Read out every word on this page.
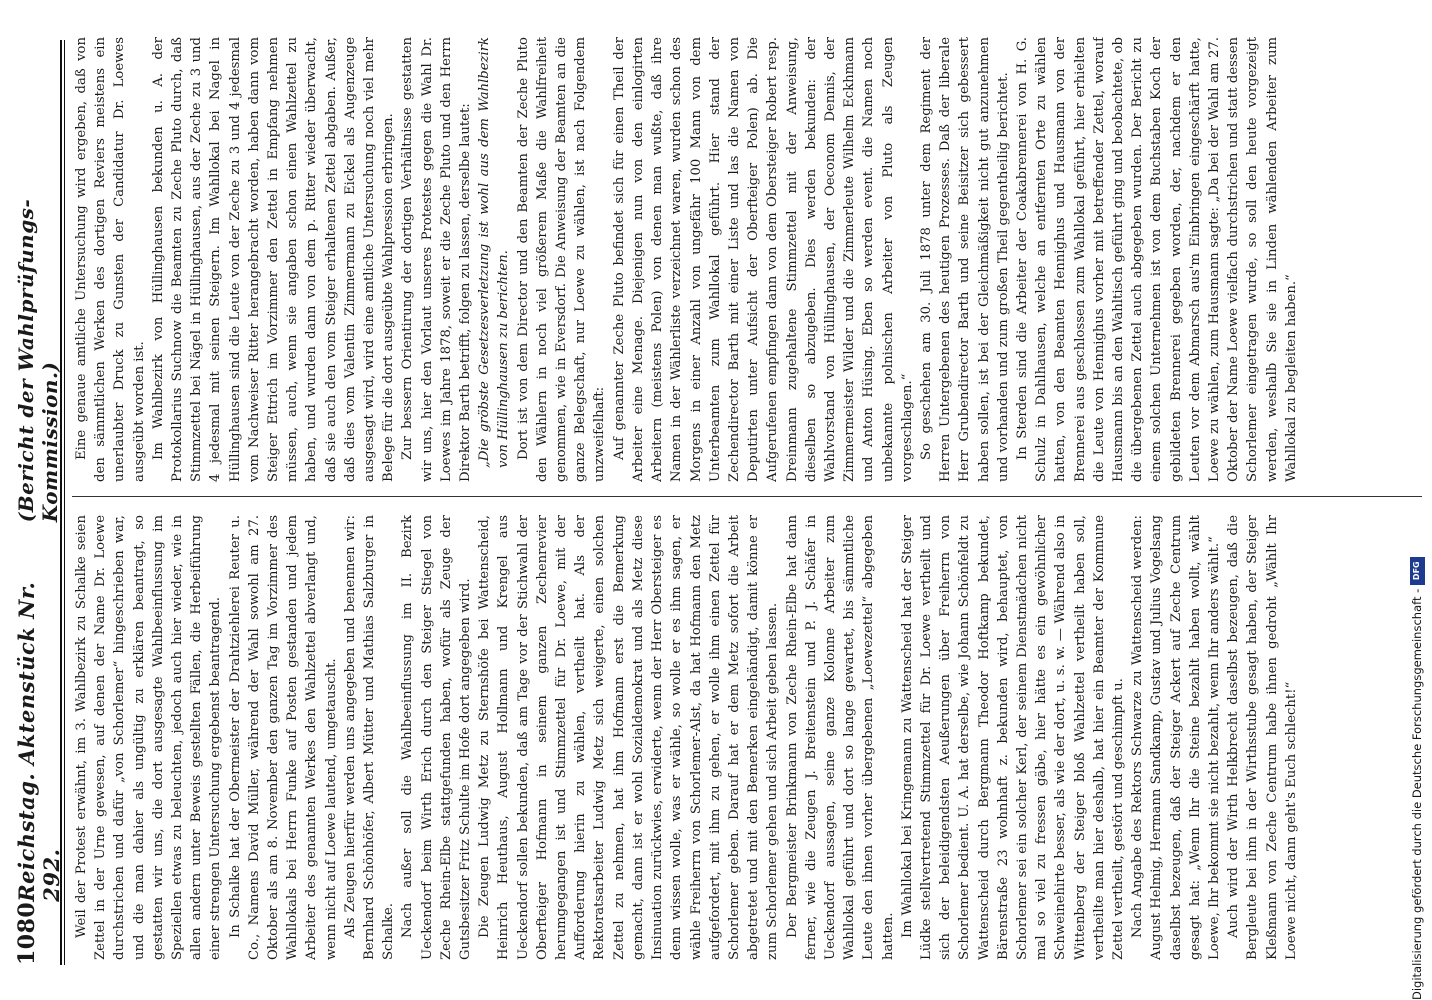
1080
Reichstag. Aktenstück Nr. 292.
(Bericht der Wahlprüfungs-Kommission.)

Weil der Protest erwähnt, im 3. Wahlbezirk zu Schalke seien Zettel in der Urne gewesen, auf denen der Name Dr. Loewe durchstrichen und dafür „von Schorlemer“ hingeschrieben war, und die man dahier als ungültig zu erklären beantragt, so gestatten wir uns, die dort ausgesagte Wahlbeeinflussung im Speziellen etwas zu beleuchten, jedoch auch hier wieder, wie in allen andern unter Beweis gestellten Fällen, die Herbeiführung einer strengen Untersuchung ergebenst beantragend. In Schalke hat der Obermeister der Drahtziehlerei Reuter u. Co., Namens David Müller, während der Wahl sowohl am 27. Oktober als am 8. November den ganzen Tag im Vorzimmer des Wahllokals bei Herrn Funke auf Posten gestanden und jedem Arbeiter des genannten Werkes den Wahlzettel abverlangt und, wenn nicht auf Loewe lautend, umgetauscht. Als Zeugen hierfür werden uns angegeben und benennen wir: Bernhard Schönhöfer, Albert Mütter und Mathias Salzburger in Schalke. Nach außer soll die Wahlbeeinflussung im II. Bezirk Ueckendorf beim Wirth Erich durch den Steiger Stiegel von Zeche Rhein-Elbe stattgefunden haben, wofür als Zeuge der Gutsbesitzer Fritz Schulte im Hofe dort angegeben wird. Die Zeugen Ludwig Metz zu Sternshöfe bei Wattenscheid, Heinrich Heuthaus, August Hollmann und Krengel aus Ueckendorf sollen bekunden, daß am Tage vor der Stichwahl der Oberfteiger Hofmann in seinem ganzen Zechenrevier herumgegangen ist und Stimmzettel für Dr. Loewe, mit der Aufforderung hierin zu wählen, vertheilt hat. Als der Rektoratsarbeiter Ludwig Metz sich weigerte, einen solchen Zettel zu nehmen, hat ihm Hofmann erst die Bemerkung gemacht, dann ist er wohl Sozialdemokrat und als Metz diese Insinuation zurückwies, erwiderte, wenn der Herr Obersteiger es denn wissen wolle, was er wähle, so wolle er es ihm sagen, er wähle Freiherrn von Schorlemer-Alst, da hat Hofmann den Metz aufgefordert, mit ihm zu gehen, er wolle ihm einen Zettel für Schorlemer geben. Darauf hat er dem Metz sofort die Arbeit abgetretet und mit den Bemerken eingehändigt, damit könne er zum Schorlemer gehen und sich Arbeit geben lassen. Der Bergmeister Brinkmann von Zeche Rhein-Elbe hat dann ferner, wie die Zeugen J. Breitenstein und P. J. Schäfer in Ueckendorf aussagen, seine ganze Kolonne Arbeiter zum Wahllokal geführt und dort so lange gewartet, bis sämmtliche Leute den ihnen vorher übergebenen „Loewezettel“ abgegeben hatten. Im Wahllokal bei Kringemann zu Wattenscheid hat der Steiger Lüdke stellvertretend Stimmzettel für Dr. Loewe vertheilt und sich der beleidigendsten Aeußerungen über Freiherrn von Schorlemer bedient. U. A. hat derselbe, wie Johann Schönfeldt zu Wattenscheid durch Bergmann Theodor Hoftkamp bekundet, Bärenstraße 23 wohnhaft z. bekunden wird, behauptet, von Schorlemer sei ein solcher Kerl, der seinem Dienstmädchen nicht mal so viel zu fressen gäbe, hier hätte es ein gewöhnlicher Schweinehirte besser, als wie der dort, u. s. w. — Während also in Wittenberg der Steiger bloß Wahlzettel vertheilt haben soll, vertheilte man hier deshalb, hat hier ein Beamter der Kommune Zettel vertheilt, gestört und geschimpft u. Nach Angabe des Rektors Schwarze zu Wattenscheid werden: August Helmig, Hermann Sandkamp, Gustav und Julius Vogelsang daselbst bezeugen, daß der Steiger Ackert auf Zeche Centrum gesagt hat: „Wenn Ihr die Steine bezahlt haben wollt, wählt Loewe, Ihr bekommt sie nicht bezahlt, wenn Ihr anders wählt.“ Auch wird der Wirth Helkbrecht daselbst bezeugen, daß die Bergleute bei ihm in der Wirthsstube gesagt haben, der Steiger Kleßmann von Zeche Centrum habe ihnen gedroht „Wählt Ihr Loewe nicht, dann geht's Euch schlecht!“

Eine genaue amtliche Untersuchung wird ergeben, daß von den sämmtlichen Werken des dortigen Reviers meistens ein unerlaubter Druck zu Gunsten der Candidatur Dr. Loewes ausgeübt worden ist. Im Wahlbezirk von Hüllinghausen bekunden u. A. der Protokollarius Suchnow die Beamten zu Zeche Pluto durch, daß Stimmzettel bei Nägel in Hüllinghausen, aus der Zeche zu 3 und 4 jedesmal mit seinen Steigern. Im Wahllokal bei Nagel in Hüllinghausen sind die Leute von der Zeche zu 3 und 4 jedesmal vom Nachweiser Ritter herangebracht worden, haben dann vom Steiger Ettrich im Vorzimmer den Zettel in Empfang nehmen müssen, auch, wenn sie angaben schon einen Wahlzettel zu haben, und wurden dann von dem p. Ritter wieder überwacht, daß sie auch den vom Steiger erhaltenen Zettel abgaben. Außer, daß dies vom Valentin Zimmermann zu Eickel als Augenzeuge ausgesagt wird, wird eine amtliche Untersuchung noch viel mehr Belege für die dort ausgeübte Wahlpression erbringen. Zur bessern Orientirung der dortigen Verhältnisse gestatten wir uns, hier den Vorlaut unseres Protestes gegen die Wahl Dr. Loewes im Jahre 1878, soweit er die Zeche Pluto und den Herrn Direktor Barth betrifft, folgen zu lassen, derselbe lautet: „Die gröbste Gesetzesverletzung ist wohl aus dem Wahlbezirk von Hüllinghausen zu berichten. Dort ist von dem Director und den Beamten der Zeche Pluto den Wählern in noch viel größerem Maße die Wahlfreiheit genommen, wie in Eversdorf. Die Anweisung der Beamten an die ganze Belegschaft, nur Loewe zu wählen, ist nach Folgendem unzweifelhaft: Auf genannter Zeche Pluto befindet sich für einen Theil der Arbeiter eine Menage. Diejenigen nun von den einlogirten Arbeitern (meistens Polen) von denen man wußte, daß ihre Namen in der Wählerliste verzeichnet waren, wurden schon des Morgens in einer Anzahl von ungefähr 100 Mann von dem Unterbeamten zum Wahllokal geführt. Hier stand der Zechendirector Barth mit einer Liste und las die Namen von Deputirten unter Aufsicht der Oberfteiger Polen) ab. Die Aufgerufenen empfingen dann von dem Obersteiger Robert resp. Dreinmann zugehaltene Stimmzettel mit der Anweisung, dieselben so abzugeben. Dies werden bekunden: der Wahlvorstand von Hüllinghausen, der Oeconom Dennis, der Zimmermeister Wilder und die Zimmerleute Wilhelm Eckhmann und Anton Hüsing. Eben so werden event. die Namen noch unbekannte polnischen Arbeiter von Pluto als Zeugen vorgeschlagen.“ So geschehen am 30. Juli 1878 unter dem Regiment der Herren Untergebenen des heutigen Prozesses. Daß der liberale Herr Grubendirector Barth und seine Beisitzer sich gebessert haben sollen, ist bei der Gleichmäßigkeit nicht gut anzunehmen und vorhanden und zum großen Theil gegentheilig berichtet. In Sterden sind die Arbeiter der Coakabrennerei von H. G. Schulz in Dahlhausen, welche an entfernten Orte zu wählen hatten, von den Beamten Hennighus und Hausmann von der Brennerei aus geschlossen zum Wahllokal geführt, hier erhielten die Leute von Hennighus vorher mit betreffender Zettel, worauf Hausmann bis an den Wahltisch geführt ging und beobachtete, ob die übergebenen Zettel auch abgegeben wurden. Der Bericht zu einem solchen Unternehmen ist von dem Buchstaben Koch der gebildeten Brennerei gegeben worden, der, nachdem er den Leuten vor dem Abmarsch aus'm Einbringen eingeschärft hatte, Loewe zu wählen, zum Hausmann sagte: „Da bei der Wahl am 27. Oktober der Name Loewe vielfach durchstrichen und statt dessen Schorlemer eingetragen wurde, so soll den heute vorgezeigt werden, weshalb Sie sie in Linden wählenden Arbeiter zum Wahllokal zu begleiten haben.“

Digitalisierung gefördert durch die Deutsche Forschungsgemeinschaft -
DFG
